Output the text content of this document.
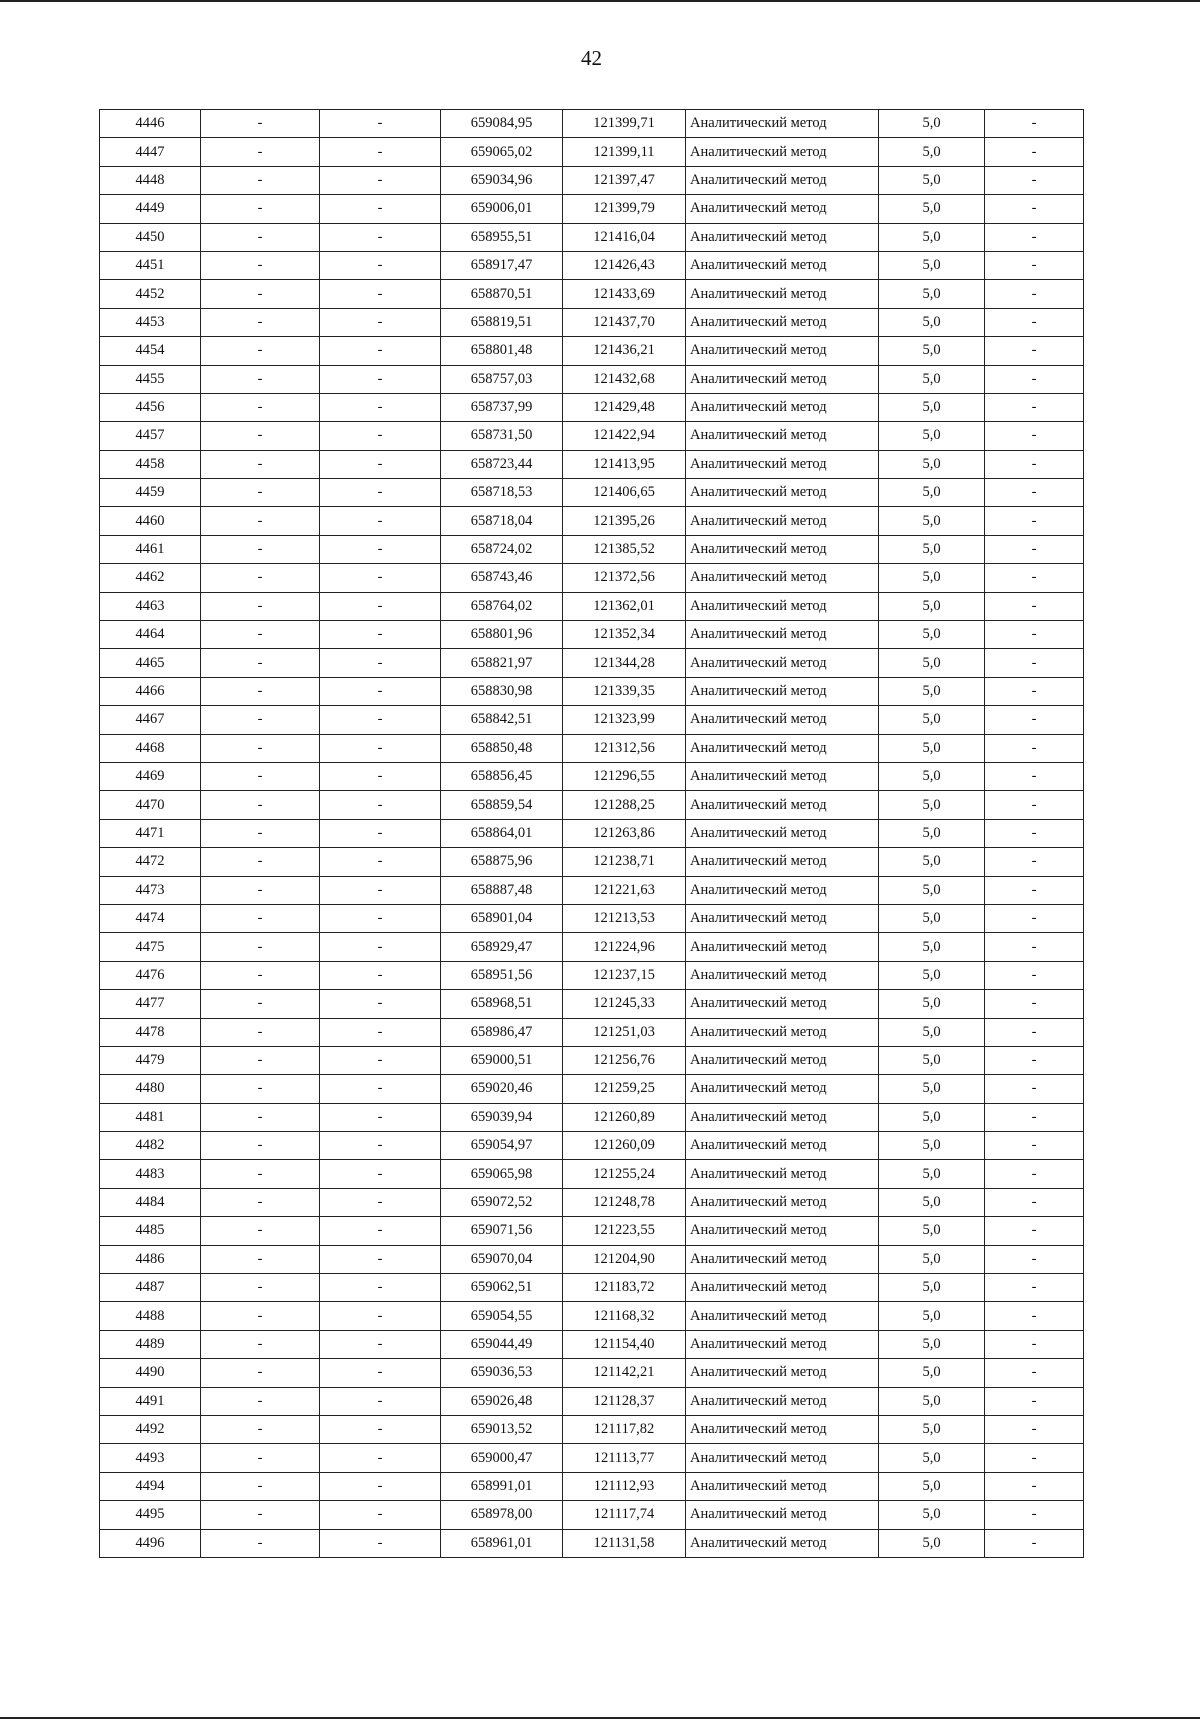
42
4446	-	-	659084,95	121399,71	Аналитический метод	5,0	-
4447	-	-	659065,02	121399,11	Аналитический метод	5,0	-
4448	-	-	659034,96	121397,47	Аналитический метод	5,0	-
4449	-	-	659006,01	121399,79	Аналитический метод	5,0	-
4450	-	-	658955,51	121416,04	Аналитический метод	5,0	-
4451	-	-	658917,47	121426,43	Аналитический метод	5,0	-
4452	-	-	658870,51	121433,69	Аналитический метод	5,0	-
4453	-	-	658819,51	121437,70	Аналитический метод	5,0	-
4454	-	-	658801,48	121436,21	Аналитический метод	5,0	-
4455	-	-	658757,03	121432,68	Аналитический метод	5,0	-
4456	-	-	658737,99	121429,48	Аналитический метод	5,0	-
4457	-	-	658731,50	121422,94	Аналитический метод	5,0	-
4458	-	-	658723,44	121413,95	Аналитический метод	5,0	-
4459	-	-	658718,53	121406,65	Аналитический метод	5,0	-
4460	-	-	658718,04	121395,26	Аналитический метод	5,0	-
4461	-	-	658724,02	121385,52	Аналитический метод	5,0	-
4462	-	-	658743,46	121372,56	Аналитический метод	5,0	-
4463	-	-	658764,02	121362,01	Аналитический метод	5,0	-
4464	-	-	658801,96	121352,34	Аналитический метод	5,0	-
4465	-	-	658821,97	121344,28	Аналитический метод	5,0	-
4466	-	-	658830,98	121339,35	Аналитический метод	5,0	-
4467	-	-	658842,51	121323,99	Аналитический метод	5,0	-
4468	-	-	658850,48	121312,56	Аналитический метод	5,0	-
4469	-	-	658856,45	121296,55	Аналитический метод	5,0	-
4470	-	-	658859,54	121288,25	Аналитический метод	5,0	-
4471	-	-	658864,01	121263,86	Аналитический метод	5,0	-
4472	-	-	658875,96	121238,71	Аналитический метод	5,0	-
4473	-	-	658887,48	121221,63	Аналитический метод	5,0	-
4474	-	-	658901,04	121213,53	Аналитический метод	5,0	-
4475	-	-	658929,47	121224,96	Аналитический метод	5,0	-
4476	-	-	658951,56	121237,15	Аналитический метод	5,0	-
4477	-	-	658968,51	121245,33	Аналитический метод	5,0	-
4478	-	-	658986,47	121251,03	Аналитический метод	5,0	-
4479	-	-	659000,51	121256,76	Аналитический метод	5,0	-
4480	-	-	659020,46	121259,25	Аналитический метод	5,0	-
4481	-	-	659039,94	121260,89	Аналитический метод	5,0	-
4482	-	-	659054,97	121260,09	Аналитический метод	5,0	-
4483	-	-	659065,98	121255,24	Аналитический метод	5,0	-
4484	-	-	659072,52	121248,78	Аналитический метод	5,0	-
4485	-	-	659071,56	121223,55	Аналитический метод	5,0	-
4486	-	-	659070,04	121204,90	Аналитический метод	5,0	-
4487	-	-	659062,51	121183,72	Аналитический метод	5,0	-
4488	-	-	659054,55	121168,32	Аналитический метод	5,0	-
4489	-	-	659044,49	121154,40	Аналитический метод	5,0	-
4490	-	-	659036,53	121142,21	Аналитический метод	5,0	-
4491	-	-	659026,48	121128,37	Аналитический метод	5,0	-
4492	-	-	659013,52	121117,82	Аналитический метод	5,0	-
4493	-	-	659000,47	121113,77	Аналитический метод	5,0	-
4494	-	-	658991,01	121112,93	Аналитический метод	5,0	-
4495	-	-	658978,00	121117,74	Аналитический метод	5,0	-
4496	-	-	658961,01	121131,58	Аналитический метод	5,0	-
